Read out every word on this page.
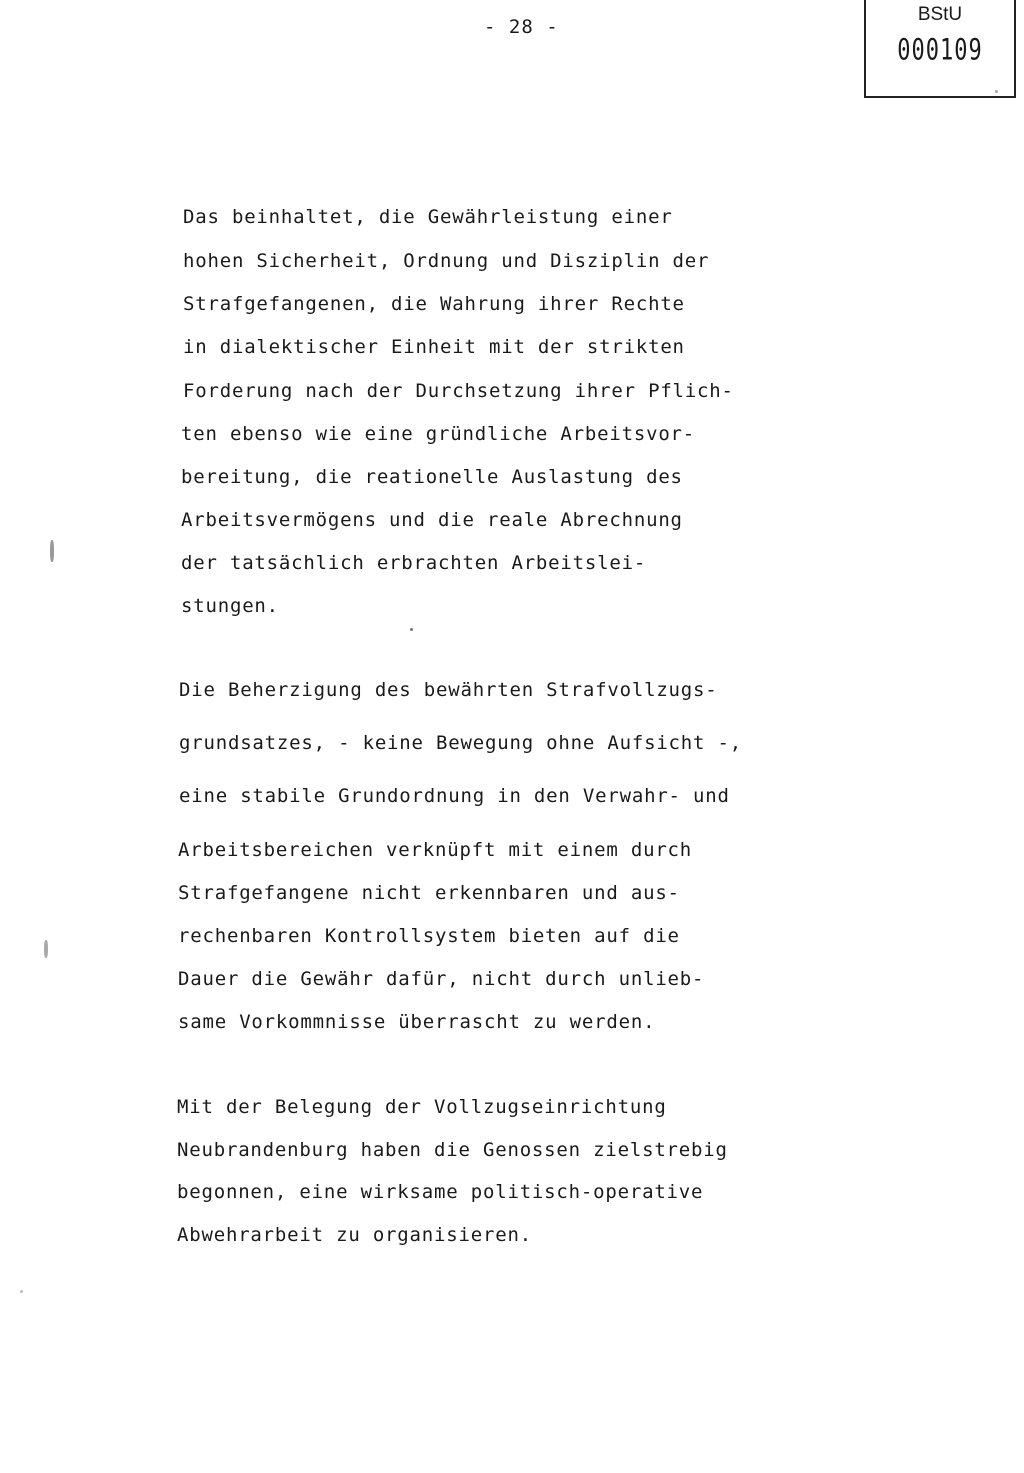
- 28 -
BStU
000109
Das beinhaltet, die Gewährleistung einer
hohen Sicherheit, Ordnung und Disziplin der
Strafgefangenen, die Wahrung ihrer Rechte
in dialektischer Einheit mit der strikten
Forderung nach der Durchsetzung ihrer Pflich-
ten ebenso wie eine gründliche Arbeitsvor-
bereitung, die reationelle Auslastung des
Arbeitsvermögens und die reale Abrechnung
der tatsächlich erbrachten Arbeitslei-
stungen.
Die Beherzigung des bewährten Strafvollzugs-
grundsatzes, - keine Bewegung ohne Aufsicht -,
eine stabile Grundordnung in den Verwahr- und
Arbeitsbereichen verknüpft mit einem durch
Strafgefangene nicht erkennbaren und aus-
rechenbaren Kontrollsystem bieten auf die
Dauer die Gewähr dafür, nicht durch unlieb-
same Vorkommnisse überrascht zu werden.
Mit der Belegung der Vollzugseinrichtung
Neubrandenburg haben die Genossen zielstrebig
begonnen, eine wirksame politisch-operative
Abwehrarbeit zu organisieren.
